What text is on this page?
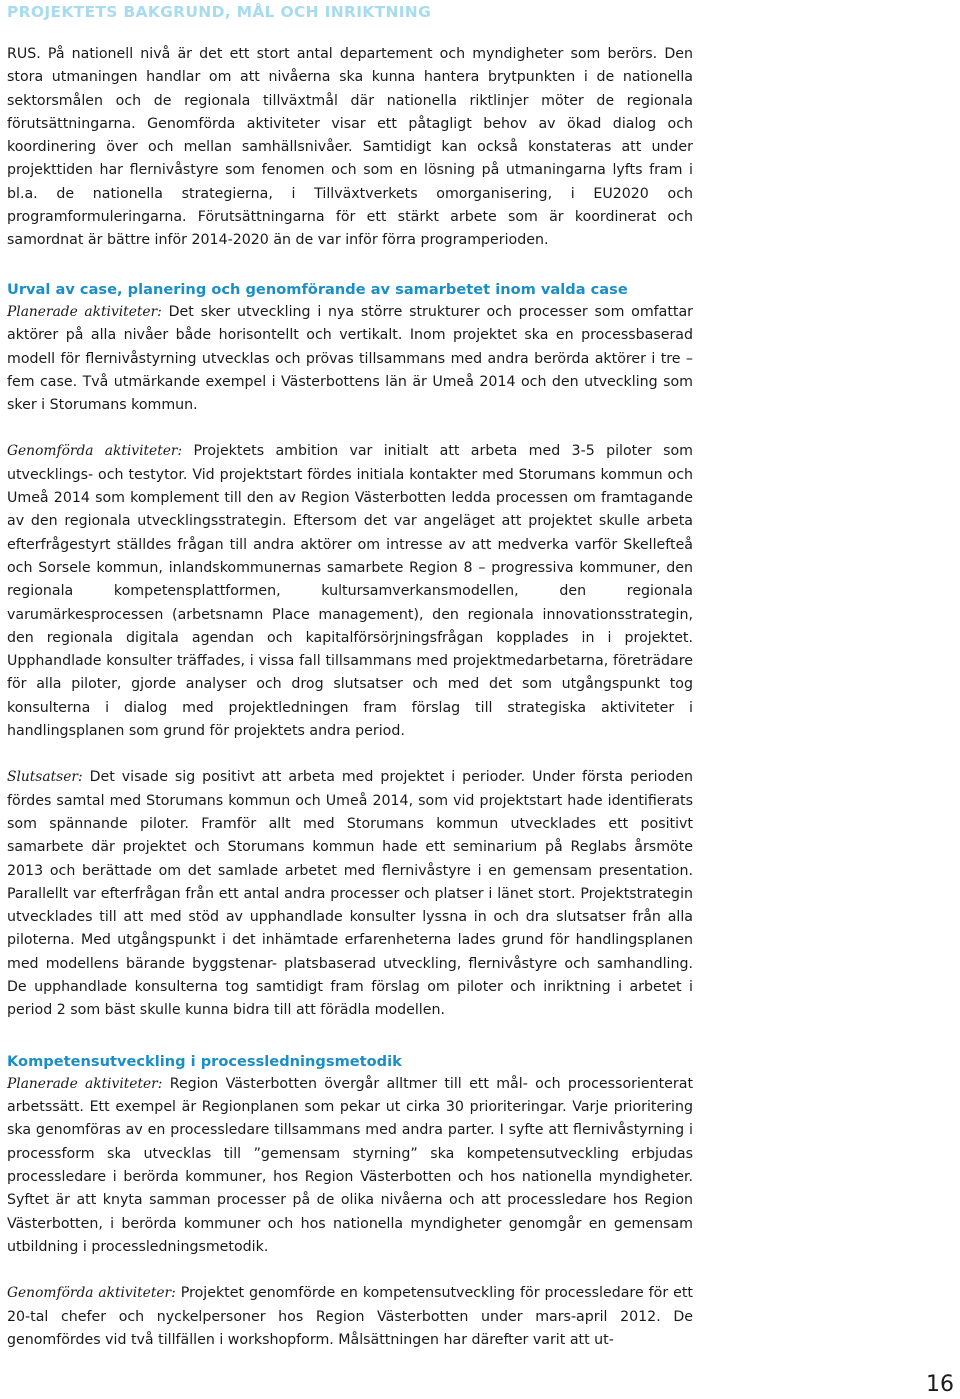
PROJEKTETS BAKGRUND, MÅL OCH INRIKTNING

RUS. På nationell nivå är det ett stort antal departement och myndigheter som berörs. Den stora utmaningen handlar om att nivåerna ska kunna hantera brytpunkten i de nationella sektorsmålen och de regionala tillväxtmål där nationella riktlinjer möter de regionala förutsättningarna. Genomförda aktiviteter visar ett påtagligt behov av ökad dialog och koordinering över och mellan samhällsnivåer. Samtidigt kan också konstateras att under projekttiden har flernivåstyre som fenomen och som en lösning på utmaningarna lyfts fram i bl.a. de nationella strategierna, i Tillväxtverkets omorganisering, i EU2020 och programformuleringarna. Förutsättningarna för ett stärkt arbete som är koordinerat och samordnat är bättre inför 2014-2020 än de var inför förra programperioden.

Urval av case, planering och genomförande av samarbetet inom valda case

Planerade aktiviteter: Det sker utveckling i nya större strukturer och processer som omfattar aktörer på alla nivåer både horisontellt och vertikalt. Inom projektet ska en processbaserad modell för flernivåstyrning utvecklas och prövas tillsammans med andra berörda aktörer i tre – fem case. Två utmärkande exempel i Västerbottens län är Umeå 2014 och den utveckling som sker i Storumans kommun.

Genomförda aktiviteter: Projektets ambition var initialt att arbeta med 3-5 piloter som utvecklings- och testytor. Vid projektstart fördes initiala kontakter med Storumans kommun och Umeå 2014 som komplement till den av Region Västerbotten ledda processen om framtagande av den regionala utvecklingsstrategin. Eftersom det var angeläget att projektet skulle arbeta efterfrågestyrt ställdes frågan till andra aktörer om intresse av att medverka varför Skellefteå och Sorsele kommun, inlandskommunernas samarbete Region 8 – progressiva kommuner, den regionala kompetensplattformen, kultursamverkansmodellen, den regionala varumärkesprocessen (arbetsnamn Place management), den regionala innovationsstrategin, den regionala digitala agendan och kapitalförsörjningsfrågan kopplades in i projektet. Upphandlade konsulter träffades, i vissa fall tillsammans med projektmedarbetarna, företrädare för alla piloter, gjorde analyser och drog slutsatser och med det som utgångspunkt tog konsulterna i dialog med projektledningen fram förslag till strategiska aktiviteter i handlingsplanen som grund för projektets andra period.

Slutsatser: Det visade sig positivt att arbeta med projektet i perioder. Under första perioden fördes samtal med Storumans kommun och Umeå 2014, som vid projektstart hade identifierats som spännande piloter. Framför allt med Storumans kommun utvecklades ett positivt samarbete där projektet och Storumans kommun hade ett seminarium på Reglabs årsmöte 2013 och berättade om det samlade arbetet med flernivåstyre i en gemensam presentation. Parallellt var efterfrågan från ett antal andra processer och platser i länet stort. Projektstrategin utvecklades till att med stöd av upphandlade konsulter lyssna in och dra slutsatser från alla piloterna. Med utgångspunkt i det inhämtade erfarenheterna lades grund för handlingsplanen med modellens bärande byggstenar- platsbaserad utveckling, flernivåstyre och samhandling. De upphandlade konsulterna tog samtidigt fram förslag om piloter och inriktning i arbetet i period 2 som bäst skulle kunna bidra till att förädla modellen.

Kompetensutveckling i processledningsmetodik

Planerade aktiviteter: Region Västerbotten övergår alltmer till ett mål- och processorienterat arbetssätt. Ett exempel är Regionplanen som pekar ut cirka 30 prioriteringar. Varje prioritering ska genomföras av en processledare tillsammans med andra parter. I syfte att flernivåstyrning i processform ska utvecklas till ”gemensam styrning” ska kompetensutveckling erbjudas processledare i berörda kommuner, hos Region Västerbotten och hos nationella myndigheter. Syftet är att knyta samman processer på de olika nivåerna och att processledare hos Region Västerbotten, i berörda kommuner och hos nationella myndigheter genomgår en gemensam utbildning i processledningsmetodik.

Genomförda aktiviteter: Projektet genomförde en kompetensutveckling för processledare för ett 20-tal chefer och nyckelpersoner hos Region Västerbotten under mars-april 2012. De genomfördes vid två tillfällen i workshopform. Målsättningen har därefter varit att ut-

16
